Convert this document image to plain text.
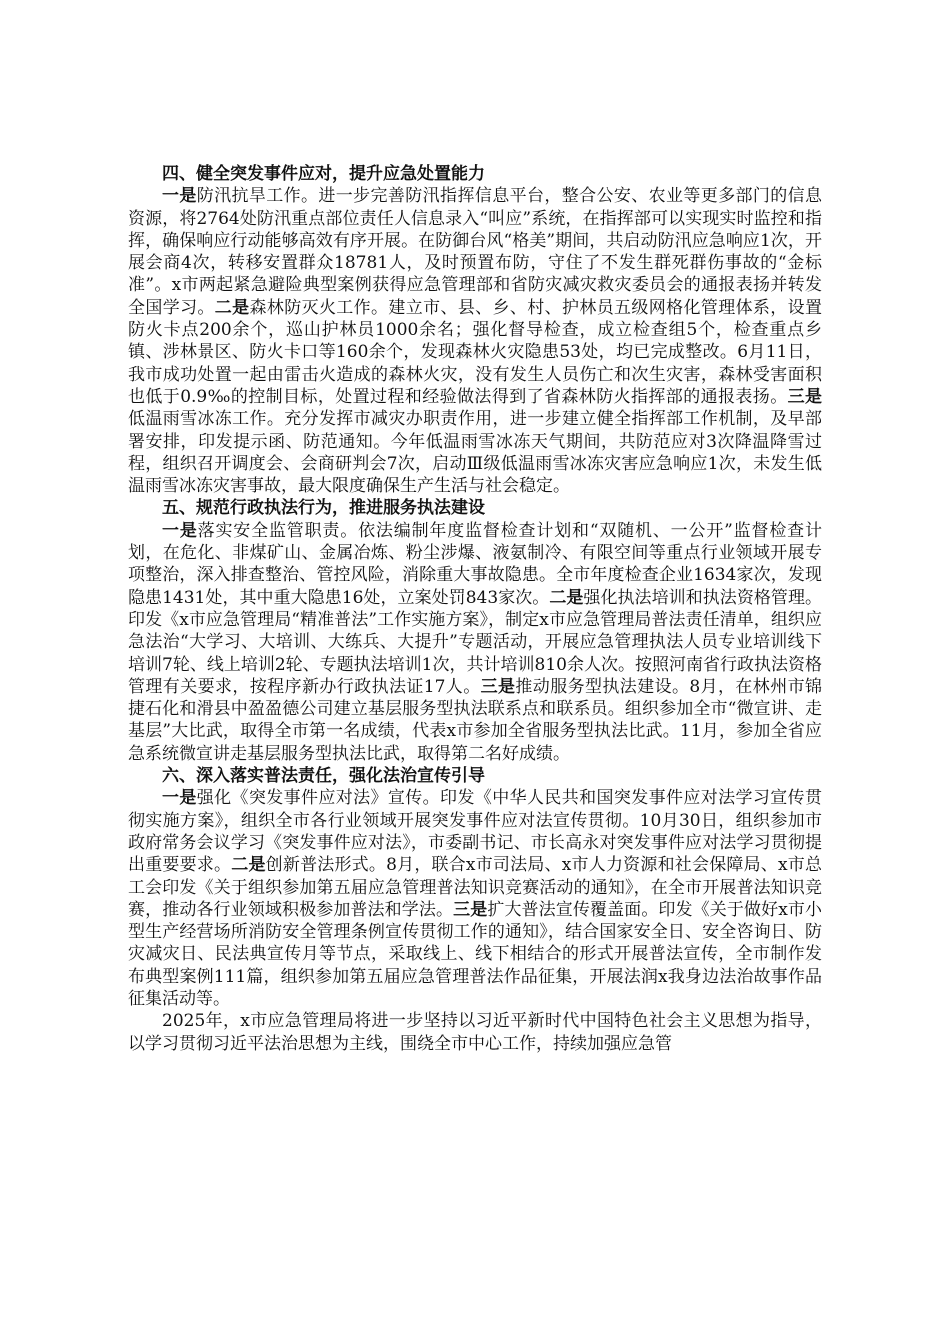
四、健全突发事件应对，提升应急处置能力

一是防汛抗旱工作。进一步完善防汛指挥信息平台，整合公安、农业等更多部门的信息资源，将2764处防汛重点部位责任人信息录入“叫应”系统，在指挥部可以实现实时监控和指挥，确保响应行动能够高效有序开展。在防御台风“格美”期间，共启动防汛应急响应1次，开展会商4次，转移安置群众18781人，及时预置布防，守住了不发生群死群伤事故的“金标准”。x市两起紧急避险典型案例获得应急管理部和省防灾减灾救灾委员会的通报表扬并转发全国学习。二是森林防灭火工作。建立市、县、乡、村、护林员五级网格化管理体系，设置防火卡点200余个，巡山护林员1000余名；强化督导检查，成立检查组5个，检查重点乡镇、涉林景区、防火卡口等160余个，发现森林火灾隐患53处，均已完成整改。6月11日，我市成功处置一起由雷击火造成的森林火灾，没有发生人员伤亡和次生灾害，森林受害面积也低于0.9‰的控制目标，处置过程和经验做法得到了省森林防火指挥部的通报表扬。三是低温雨雪冰冻工作。充分发挥市减灾办职责作用，进一步建立健全指挥部工作机制，及早部署安排，印发提示函、防范通知。今年低温雨雪冰冻天气期间，共防范应对3次降温降雪过程，组织召开调度会、会商研判会7次，启动Ⅲ级低温雨雪冰冻灾害应急响应1次，未发生低温雨雪冰冻灾害事故，最大限度确保生产生活与社会稳定。

五、规范行政执法行为，推进服务执法建设

一是落实安全监管职责。依法编制年度监督检查计划和“双随机、一公开”监督检查计划，在危化、非煤矿山、金属冶炼、粉尘涉爆、液氨制冷、有限空间等重点行业领域开展专项整治，深入排查整治、管控风险，消除重大事故隐患。全市年度检查企业1634家次，发现隐患1431处，其中重大隐患16处，立案处罚843家次。二是强化执法培训和执法资格管理。印发《x市应急管理局“精准普法”工作实施方案》，制定x市应急管理局普法责任清单，组织应急法治“大学习、大培训、大练兵、大提升”专题活动，开展应急管理执法人员专业培训线下培训7轮、线上培训2轮、专题执法培训1次，共计培训810余人次。按照河南省行政执法资格管理有关要求，按程序新办行政执法证17人。三是推动服务型执法建设。8月，在林州市锦捷石化和滑县中盈盈德公司建立基层服务型执法联系点和联系员。组织参加全市“微宣讲、走基层”大比武，取得全市第一名成绩，代表x市参加全省服务型执法比武。11月，参加全省应急系统微宣讲走基层服务型执法比武，取得第二名好成绩。

六、深入落实普法责任，强化法治宣传引导

一是强化《突发事件应对法》宣传。印发《中华人民共和国突发事件应对法学习宣传贯彻实施方案》，组织全市各行业领域开展突发事件应对法宣传贯彻。10月30日，组织参加市政府常务会议学习《突发事件应对法》，市委副书记、市长高永对突发事件应对法学习贯彻提出重要要求。二是创新普法形式。8月，联合x市司法局、x市人力资源和社会保障局、x市总工会印发《关于组织参加第五届应急管理普法知识竞赛活动的通知》，在全市开展普法知识竞赛，推动各行业领域积极参加普法和学法。三是扩大普法宣传覆盖面。印发《关于做好x市小型生产经营场所消防安全管理条例宣传贯彻工作的通知》，结合国家安全日、安全咨询日、防灾减灾日、民法典宣传月等节点，采取线上、线下相结合的形式开展普法宣传，全市制作发布典型案例111篇，组织参加第五届应急管理普法作品征集，开展法润x我身边法治故事作品征集活动等。

2025年，x市应急管理局将进一步坚持以习近平新时代中国特色社会主义思想为指导，以学习贯彻习近平法治思想为主线，围绕全市中心工作，持续加强应急管
